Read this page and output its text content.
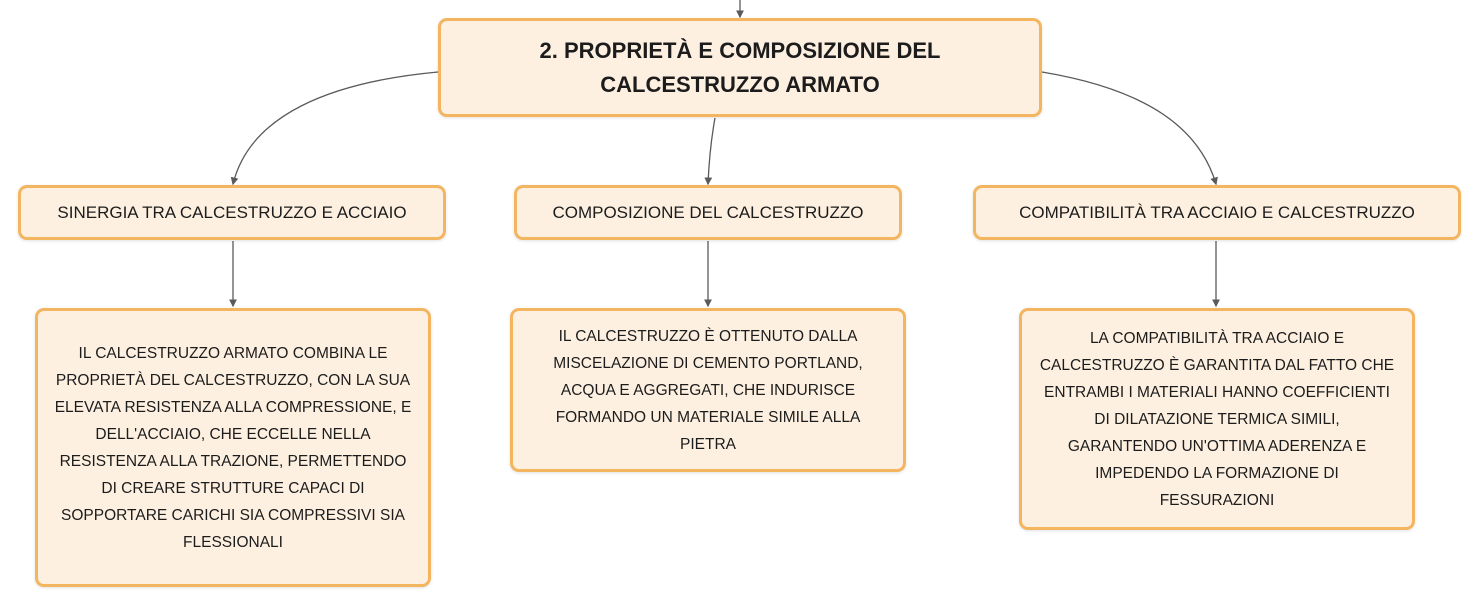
2. PROPRIETÀ E COMPOSIZIONE DEL CALCESTRUZZO ARMATO
SINERGIA TRA CALCESTRUZZO E ACCIAIO	COMPOSIZIONE DEL CALCESTRUZZO	COMPATIBILITÀ TRA ACCIAIO E CALCESTRUZZO
IL CALCESTRUZZO ARMATO COMBINA LE PROPRIETÀ DEL CALCESTRUZZO, CON LA SUA ELEVATA RESISTENZA ALLA COMPRESSIONE, E DELL'ACCIAIO, CHE ECCELLE NELLA RESISTENZA ALLA TRAZIONE, PERMETTENDO DI CREARE STRUTTURE CAPACI DI SOPPORTARE CARICHI SIA COMPRESSIVI SIA FLESSIONALI
IL CALCESTRUZZO È OTTENUTO DALLA MISCELAZIONE DI CEMENTO PORTLAND, ACQUA E AGGREGATI, CHE INDURISCE FORMANDO UN MATERIALE SIMILE ALLA PIETRA
LA COMPATIBILITÀ TRA ACCIAIO E CALCESTRUZZO È GARANTITA DAL FATTO CHE ENTRAMBI I MATERIALI HANNO COEFFICIENTI DI DILATAZIONE TERMICA SIMILI, GARANTENDO UN'OTTIMA ADERENZA E IMPEDENDO LA FORMAZIONE DI FESSURAZIONI
